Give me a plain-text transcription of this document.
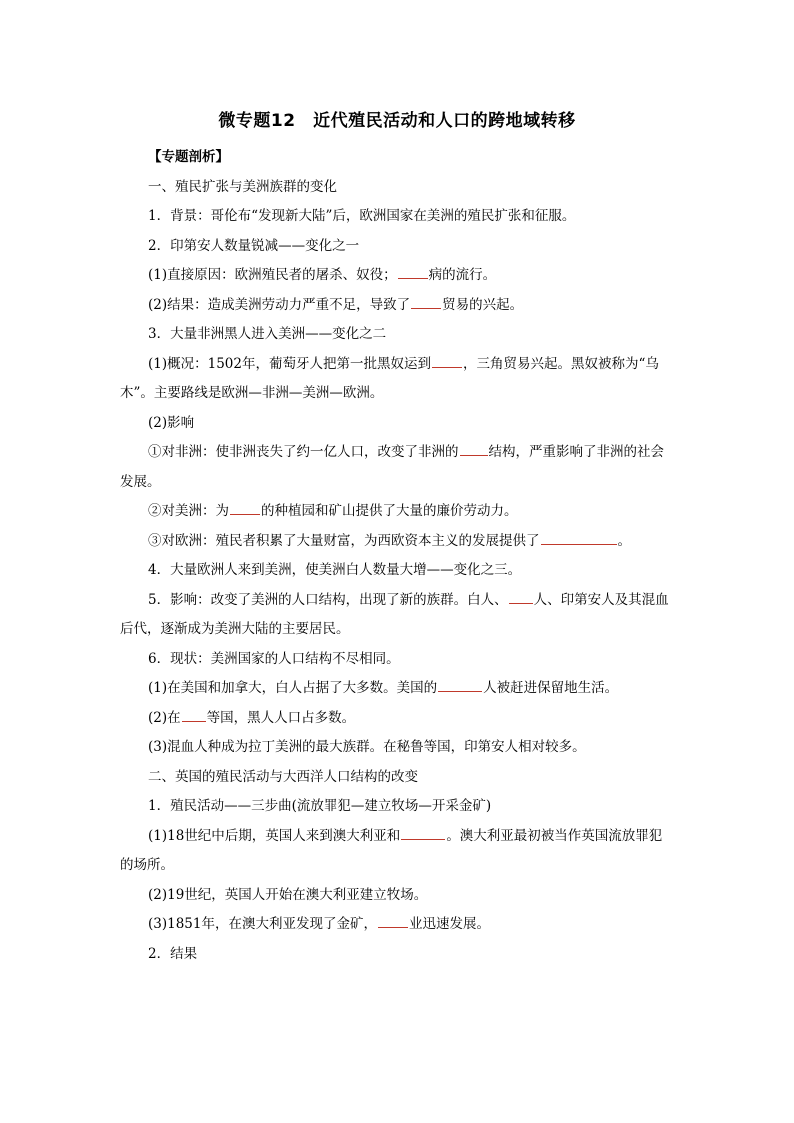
微专题12　近代殖民活动和人口的跨地域转移

【专题剖析】

一、殖民扩张与美洲族群的变化

1．背景：哥伦布“发现新大陆”后，欧洲国家在美洲的殖民扩张和征服。

2．印第安人数量锐减——变化之一

(1)直接原因：欧洲殖民者的屠杀、奴役； 病的流行。

(2)结果：造成美洲劳动力严重不足，导致了 贸易的兴起。

3．大量非洲黑人进入美洲——变化之二

(1)概况：1502年，葡萄牙人把第一批黑奴运到 ，三角贸易兴起。黑奴被称为“乌

木”。主要路线是欧洲—非洲—美洲—欧洲。

(2)影响

①对非洲：使非洲丧失了约一亿人口，改变了非洲的 结构，严重影响了非洲的社会

发展。

②对美洲：为 的种植园和矿山提供了大量的廉价劳动力。

③对欧洲：殖民者积累了大量财富，为西欧资本主义的发展提供了	。

4．大量欧洲人来到美洲，使美洲白人数量大增——变化之三。

5．影响：改变了美洲的人口结构，出现了新的族群。白人、 人、印第安人及其混血

后代，逐渐成为美洲大陆的主要居民。

6．现状：美洲国家的人口结构不尽相同。

(1)在美国和加拿大，白人占据了大多数。美国的	人被赶进保留地生活。

(2)在 等国，黑人人口占多数。

(3)混血人种成为拉丁美洲的最大族群。在秘鲁等国，印第安人相对较多。

二、英国的殖民活动与大西洋人口结构的改变

1．殖民活动——三步曲(流放罪犯—建立牧场—开采金矿)

(1)18世纪中后期，英国人来到澳大利亚和	。澳大利亚最初被当作英国流放罪犯

的场所。

(2)19世纪，英国人开始在澳大利亚建立牧场。

(3)1851年，在澳大利亚发现了金矿， 业迅速发展。

2．结果
